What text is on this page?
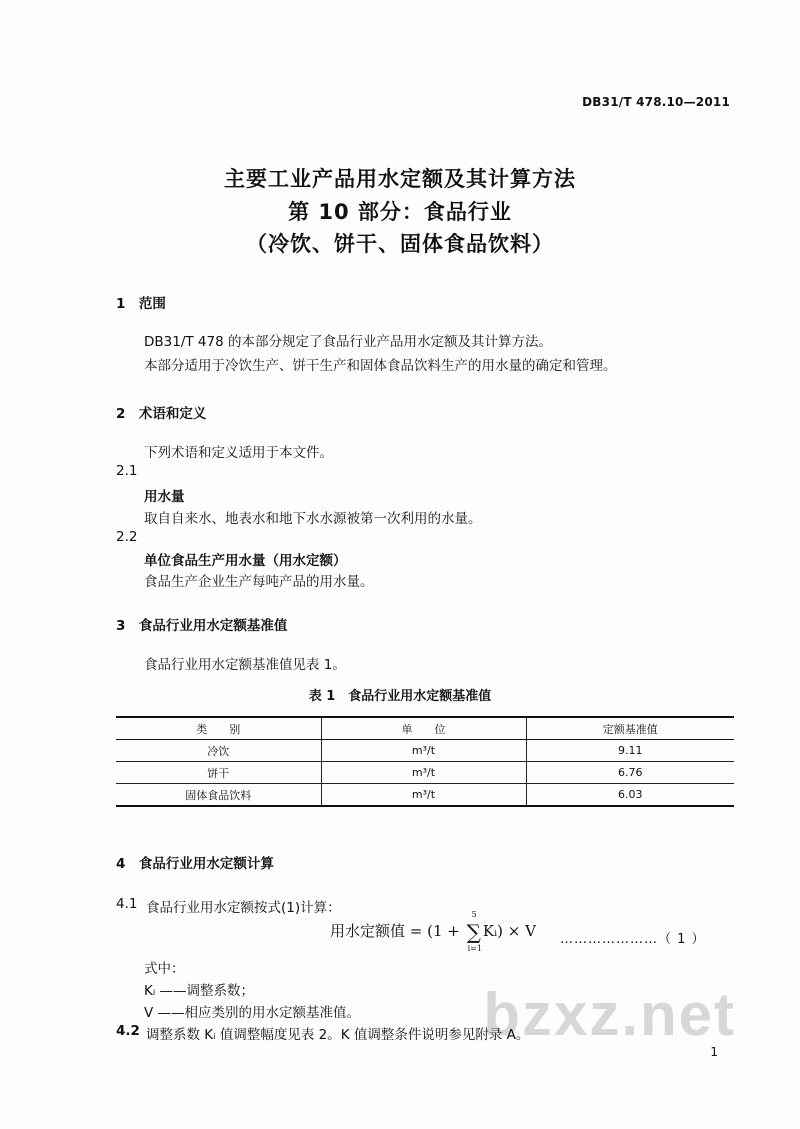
DB31/T 478.10—2011
主要工业产品用水定额及其计算方法
第 10 部分：食品行业
（冷饮、饼干、固体食品饮料）
1　范围
DB31/T 478 的本部分规定了食品行业产品用水定额及其计算方法。
本部分适用于冷饮生产、饼干生产和固体食品饮料生产的用水量的确定和管理。
2　术语和定义
下列术语和定义适用于本文件。
2.1
用水量
取自自来水、地表水和地下水水源被第一次利用的水量。
2.2
单位食品生产用水量（用水定额）
食品生产企业生产每吨产品的用水量。
3　食品行业用水定额基准值
食品行业用水定额基准值见表 1。
表 1　食品行业用水定额基准值
类　　别	单　　位	定额基准值
冷饮	m³/t	9.11
饼干	m³/t	6.76
固体食品饮料	m³/t	6.03
4　食品行业用水定额计算
4.1 食品行业用水定额按式(1)计算：
用水定额值 = (1 + ∑
5
i=1
Kᵢ) × V …………………（ 1 ）
式中：
Kᵢ ——调整系数；
V ——相应类别的用水定额基准值。 bzxz.net
4.2 调整系数 Kᵢ 值调整幅度见表 2。K 值调整条件说明参见附录 A。
1
